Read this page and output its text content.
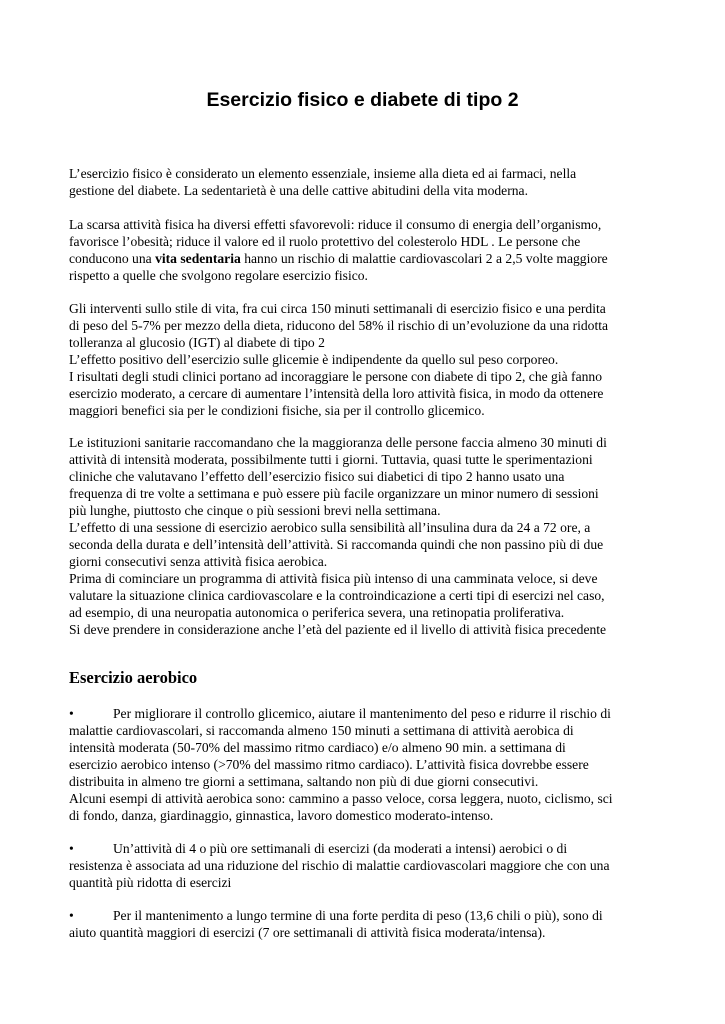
Esercizio fisico e diabete di tipo 2

L’esercizio fisico è considerato un elemento essenziale, insieme alla dieta ed ai farmaci, nella
gestione del diabete. La sedentarietà è una delle cattive abitudini della vita moderna.

La scarsa attività fisica ha diversi effetti sfavorevoli: riduce il consumo di energia dell’organismo,
favorisce l’obesità; riduce il valore ed il ruolo protettivo del colesterolo HDL . Le persone che
conducono una vita sedentaria hanno un rischio di malattie cardiovascolari 2 a 2,5 volte maggiore
rispetto a quelle che svolgono regolare esercizio fisico.

Gli interventi sullo stile di vita, fra cui circa 150 minuti settimanali di esercizio fisico e una perdita
di peso del 5-7% per mezzo della dieta, riducono del 58% il rischio di un’evoluzione da una ridotta
tolleranza al glucosio (IGT) al diabete di tipo 2
L’effetto positivo dell’esercizio sulle glicemie è indipendente da quello sul peso corporeo.
I risultati degli studi clinici portano ad incoraggiare le persone con diabete di tipo 2, che già fanno
esercizio moderato, a cercare di aumentare l’intensità della loro attività fisica, in modo da ottenere
maggiori benefici sia per le condizioni fisiche, sia per il controllo glicemico.

Le istituzioni sanitarie raccomandano che la maggioranza delle persone faccia almeno 30 minuti di
attività di intensità moderata, possibilmente tutti i giorni. Tuttavia, quasi tutte le sperimentazioni
cliniche che valutavano l’effetto dell’esercizio fisico sui diabetici di tipo 2 hanno usato una
frequenza di tre volte a settimana e può essere più facile organizzare un minor numero di sessioni
più lunghe, piuttosto che cinque o più sessioni brevi nella settimana.
L’effetto di una sessione di esercizio aerobico sulla sensibilità all’insulina dura da 24 a 72 ore, a
seconda della durata e dell’intensità dell’attività. Si raccomanda quindi che non passino più di due
giorni consecutivi senza attività fisica aerobica.
Prima di cominciare un programma di attività fisica più intenso di una camminata veloce, si deve
valutare la situazione clinica cardiovascolare e la controindicazione a certi tipi di esercizi nel caso,
ad esempio, di una neuropatia autonomica o periferica severa, una retinopatia proliferativa.
Si deve prendere in considerazione anche l’età del paziente ed il livello di attività fisica precedente

Esercizio aerobico

•	Per migliorare il controllo glicemico, aiutare il mantenimento del peso e ridurre il rischio di
malattie cardiovascolari, si raccomanda almeno 150 minuti a settimana di attività aerobica di
intensità moderata (50-70% del massimo ritmo cardiaco) e/o almeno 90 min. a settimana di
esercizio aerobico intenso (>70% del massimo ritmo cardiaco). L’attività fisica dovrebbe essere
distribuita in almeno tre giorni a settimana, saltando non più di due giorni consecutivi.
Alcuni esempi di attività aerobica sono: cammino a passo veloce, corsa leggera, nuoto, ciclismo, sci
di fondo, danza, giardinaggio, ginnastica, lavoro domestico moderato-intenso.

•	Un’attività di 4 o più ore settimanali di esercizi (da moderati a intensi) aerobici o di
resistenza è associata ad una riduzione del rischio di malattie cardiovascolari maggiore che con una
quantità più ridotta di esercizi

•	Per il mantenimento a lungo termine di una forte perdita di peso (13,6 chili o più), sono di
aiuto quantità maggiori di esercizi (7 ore settimanali di attività fisica moderata/intensa).
